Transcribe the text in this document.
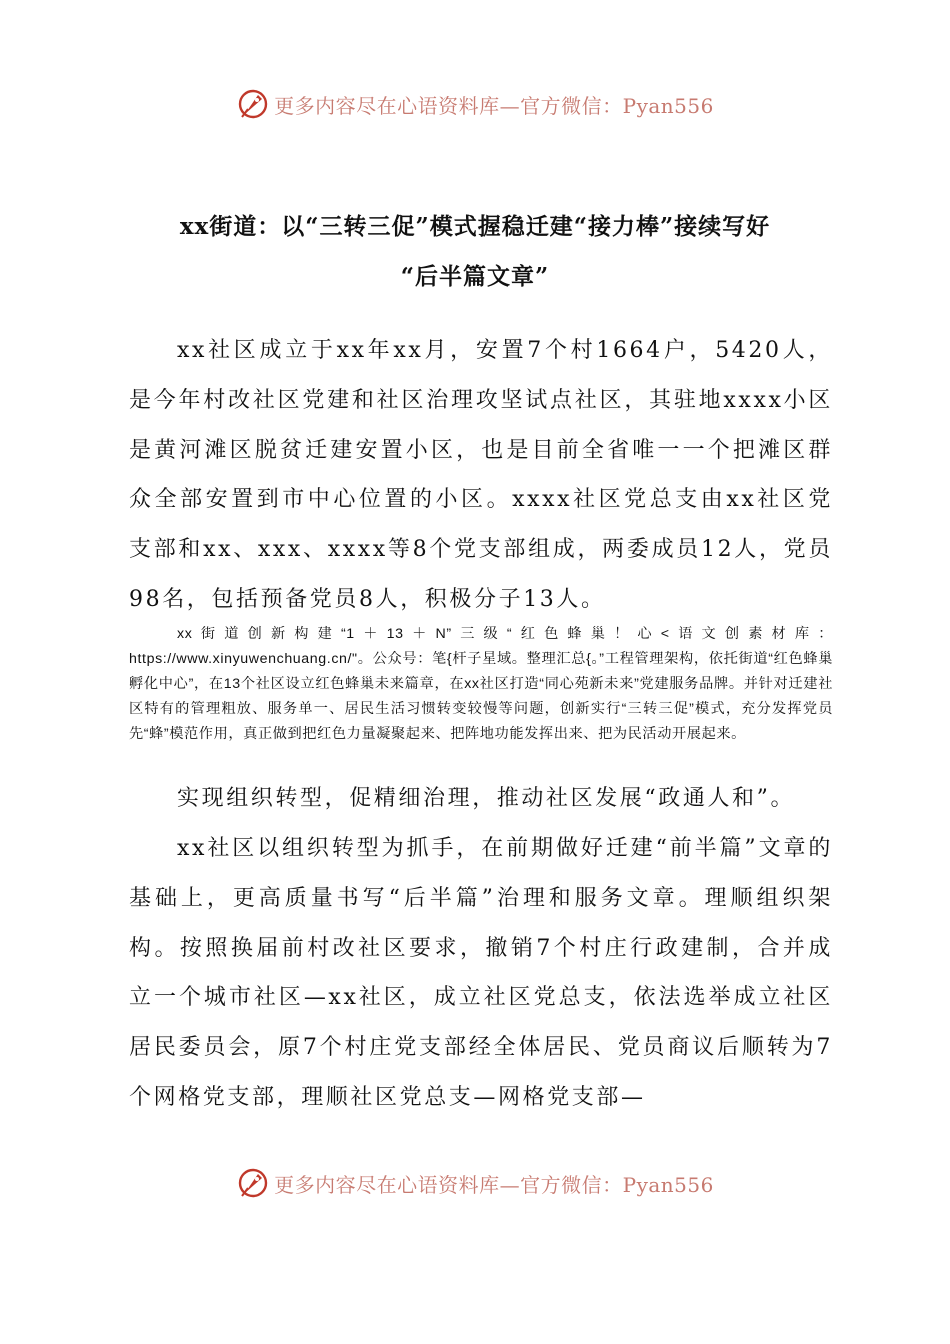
更多内容尽在心语资料库—官方微信：Pyan556
xx街道：以“三转三促”模式握稳迁建“接力棒”接续写好
“后半篇文章”

xx社区成立于xx年xx月，安置7个村1664户，5420人，是今年村改社区党建和社区治理攻坚试点社区，其驻地xxxx小区是黄河滩区脱贫迁建安置小区，也是目前全省唯一一个把滩区群众全部安置到市中心位置的小区。xxxx社区党总支由xx社区党支部和xx、xxx、xxxx等8个党支部组成，两委成员12人，党员98名，包括预备党员8人，积极分子13人。

xx街道创新构建“1＋13＋N”三级“红色蜂巢！心<语文创素材库：https://www.xinyuwenchuang.cn/"。公众号：笔{杆子星域。整理汇总{。”工程管理架构，依托街道“红色蜂巢孵化中心”，在13个社区设立红色蜂巢未来篇章，在xx社区打造“同心苑新未来”党建服务品牌。并针对迁建社区特有的管理粗放、服务单一、居民生活习惯转变较慢等问题，创新实行“三转三促”模式，充分发挥党员先“蜂”模范作用，真正做到把红色力量凝聚起来、把阵地功能发挥出来、把为民活动开展起来。

实现组织转型，促精细治理，推动社区发展“政通人和”。

xx社区以组织转型为抓手，在前期做好迁建“前半篇”文章的基础上，更高质量书写“后半篇”治理和服务文章。理顺组织架构。按照换届前村改社区要求，撤销7个村庄行政建制，合并成立一个城市社区—xx社区，成立社区党总支，依法选举成立社区居民委员会，原7个村庄党支部经全体居民、党员商议后顺转为7个网格党支部，理顺社区党总支—网格党支部—

更多内容尽在心语资料库—官方微信：Pyan556
